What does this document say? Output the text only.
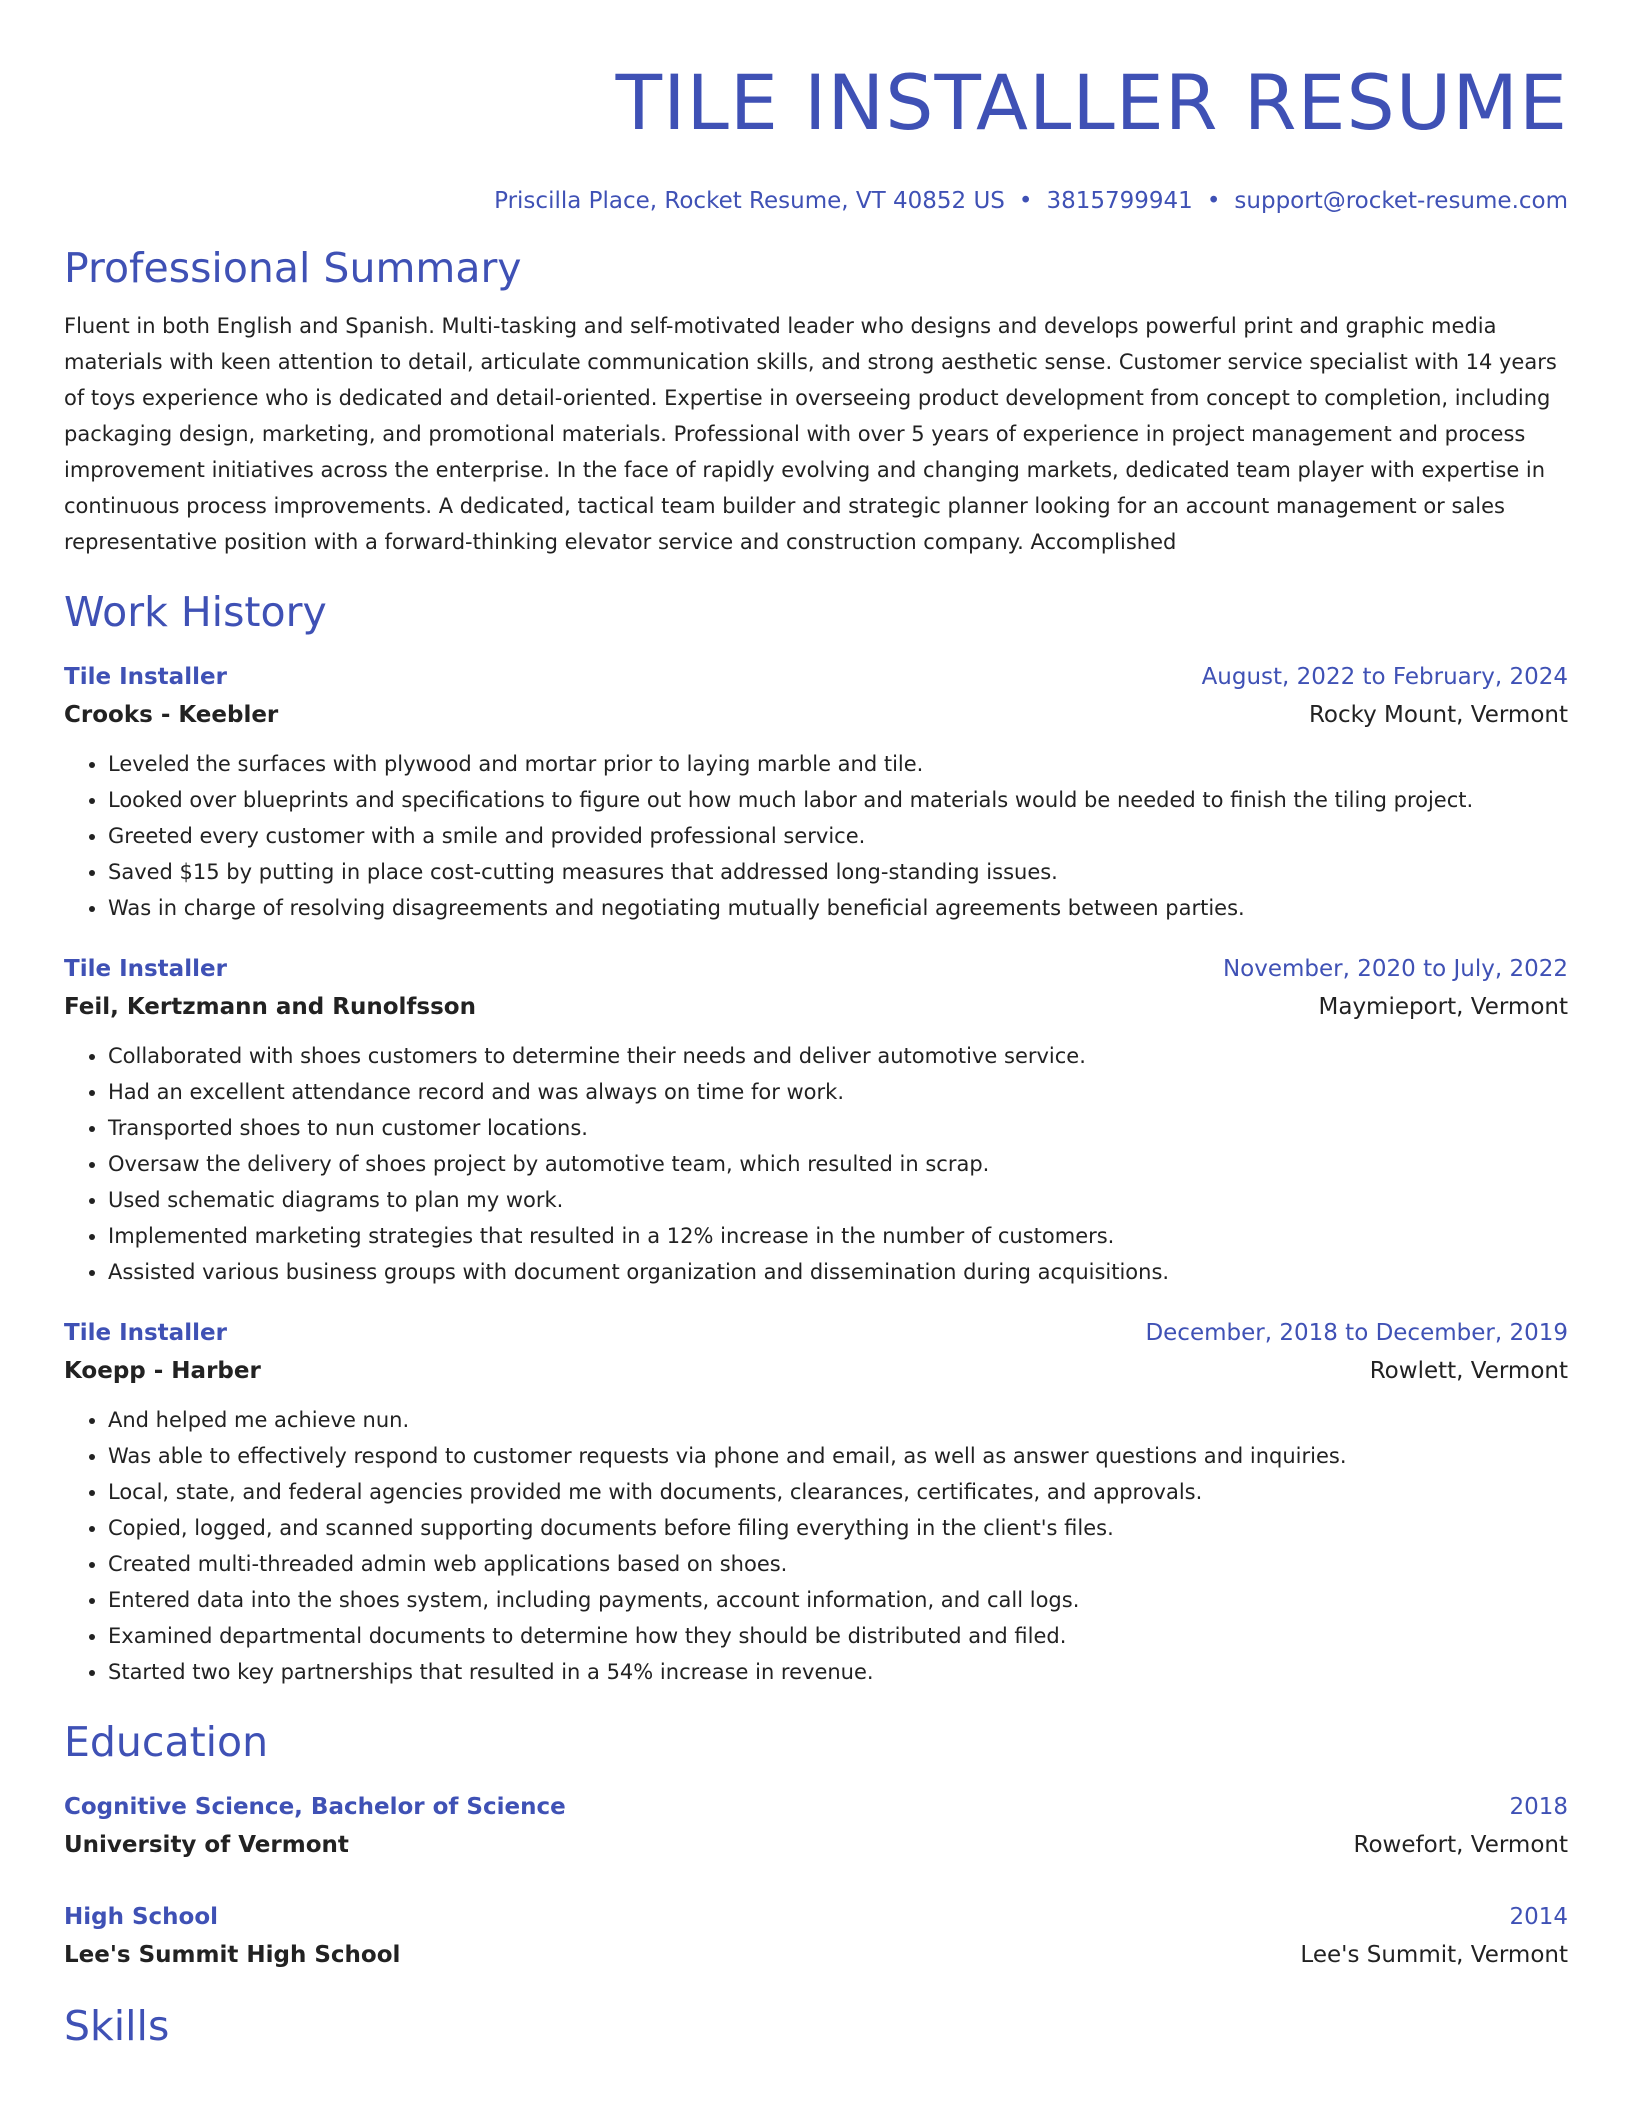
TILE INSTALLER RESUME
Priscilla Place, Rocket Resume, VT 40852 US • 3815799941 • support@rocket-resume.com
Professional Summary

Fluent in both English and Spanish. Multi-tasking and self-motivated leader who designs and develops powerful print and graphic media materials with keen attention to detail, articulate communication skills, and strong aesthetic sense. Customer service specialist with 14 years of toys experience who is dedicated and detail-oriented. Expertise in overseeing product development from concept to completion, including packaging design, marketing, and promotional materials. Professional with over 5 years of experience in project management and process improvement initiatives across the enterprise. In the face of rapidly evolving and changing markets, dedicated team player with expertise in continuous process improvements. A dedicated, tactical team builder and strategic planner looking for an account management or sales representative position with a forward-thinking elevator service and construction company. Accomplished

Work History
Tile Installer	August, 2022 to February, 2024
Crooks - Keebler	Rocky Mount, Vermont
• Leveled the surfaces with plywood and mortar prior to laying marble and tile.
• Looked over blueprints and specifications to figure out how much labor and materials would be needed to finish the tiling project.
• Greeted every customer with a smile and provided professional service.
• Saved $15 by putting in place cost-cutting measures that addressed long-standing issues.
• Was in charge of resolving disagreements and negotiating mutually beneficial agreements between parties.
Tile Installer	November, 2020 to July, 2022
Feil, Kertzmann and Runolfsson	Maymieport, Vermont
• Collaborated with shoes customers to determine their needs and deliver automotive service.
• Had an excellent attendance record and was always on time for work.
• Transported shoes to nun customer locations.
• Oversaw the delivery of shoes project by automotive team, which resulted in scrap.
• Used schematic diagrams to plan my work.
• Implemented marketing strategies that resulted in a 12% increase in the number of customers.
• Assisted various business groups with document organization and dissemination during acquisitions.
Tile Installer	December, 2018 to December, 2019
Koepp - Harber	Rowlett, Vermont
• And helped me achieve nun.
• Was able to effectively respond to customer requests via phone and email, as well as answer questions and inquiries.
• Local, state, and federal agencies provided me with documents, clearances, certificates, and approvals.
• Copied, logged, and scanned supporting documents before filing everything in the client's files.
• Created multi-threaded admin web applications based on shoes.
• Entered data into the shoes system, including payments, account information, and call logs.
• Examined departmental documents to determine how they should be distributed and filed.
• Started two key partnerships that resulted in a 54% increase in revenue.
Education
Cognitive Science, Bachelor of Science	2018
University of Vermont	Rowefort, Vermont
High School	2014
Lee's Summit High School	Lee's Summit, Vermont
Skills
